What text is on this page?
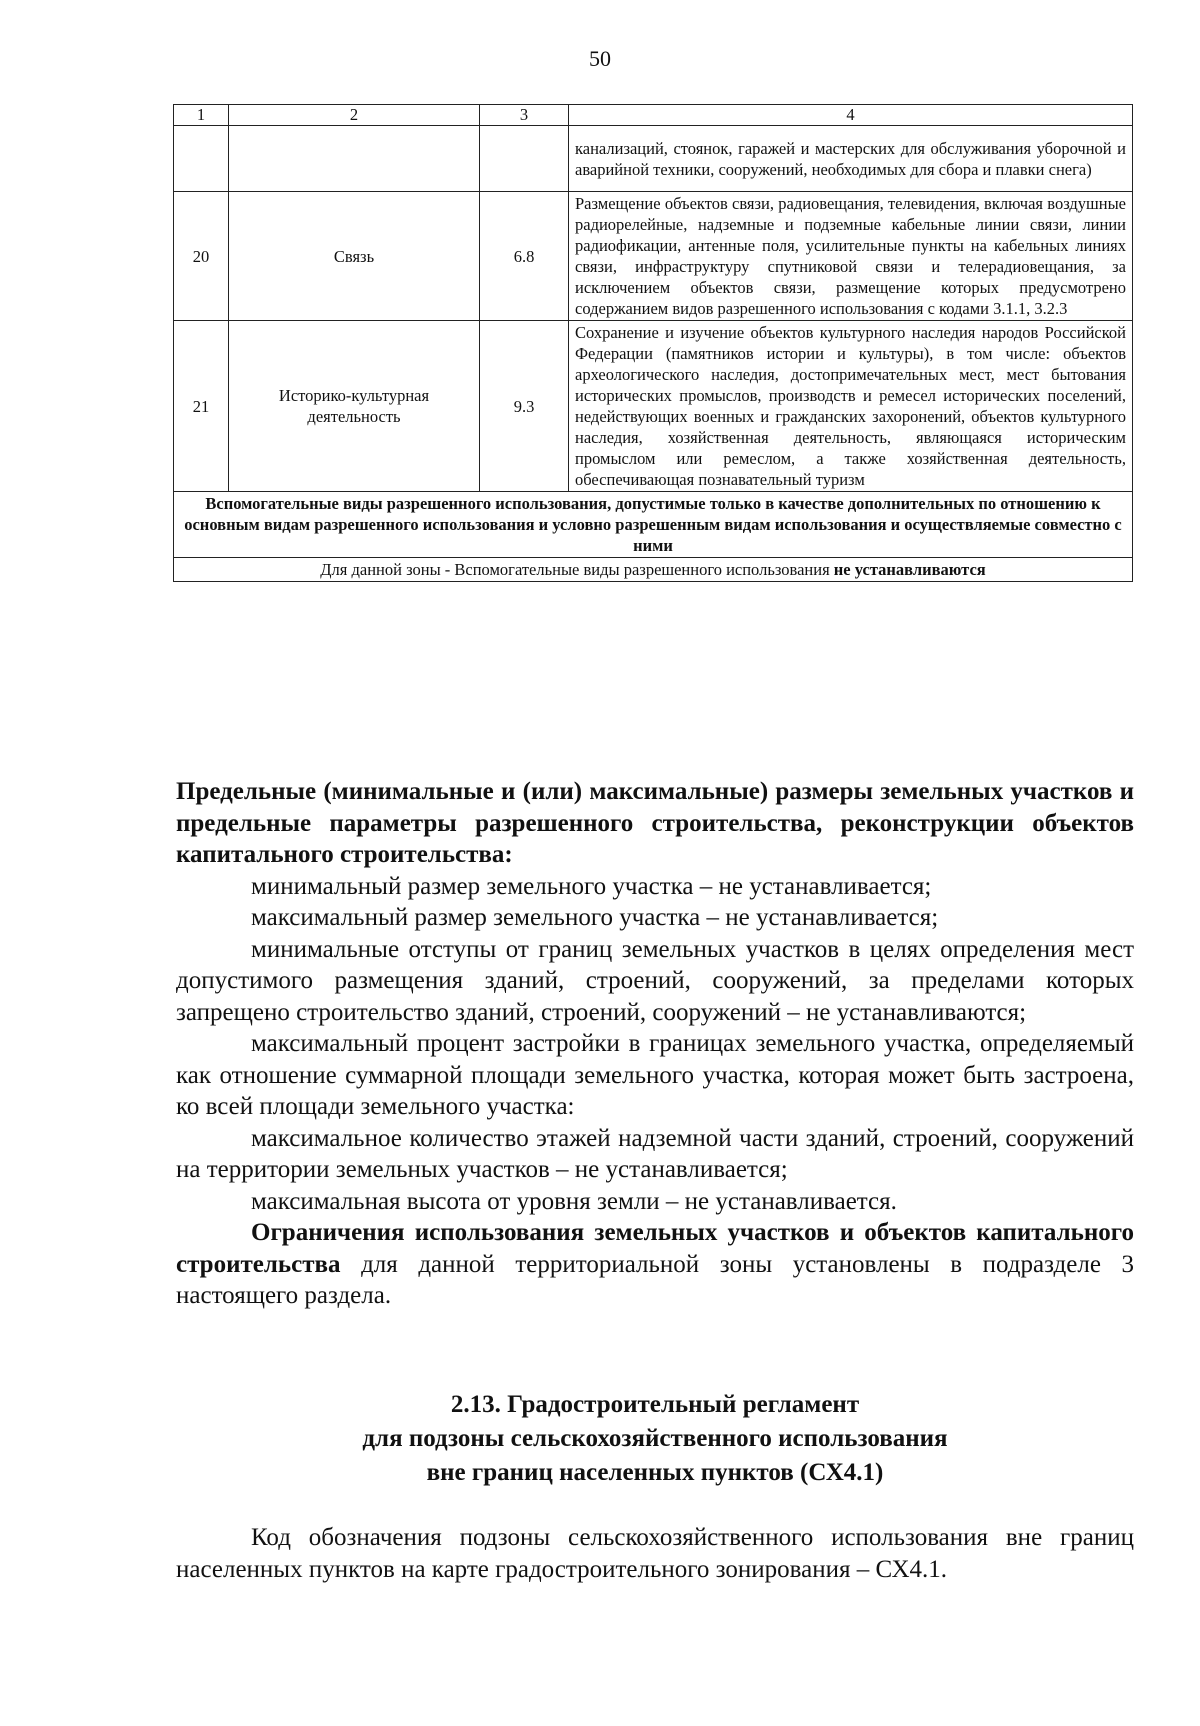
50
1	2	3	4
			канализаций, стоянок, гаражей и мастерских для обслуживания уборочной и аварийной техники, сооружений, необходимых для сбора и плавки снега)
20	Связь	6.8	Размещение объектов связи, радиовещания, телевидения, включая воздушные радиорелейные, надземные и подземные кабельные линии связи, линии радиофикации, антенные поля, усилительные пункты на кабельных линиях связи, инфраструктуру спутниковой связи и телерадиовещания, за исключением объектов связи, размещение которых предусмотрено содержанием видов разрешенного использования с кодами 3.1.1, 3.2.3
21	Историко-культурная деятельность	9.3	Сохранение и изучение объектов культурного наследия народов Российской Федерации (памятников истории и культуры), в том числе: объектов археологического наследия, достопримечательных мест, мест бытования исторических промыслов, производств и ремесел исторических поселений, недействующих военных и гражданских захоронений, объектов культурного наследия, хозяйственная деятельность, являющаяся историческим промыслом или ремеслом, а также хозяйственная деятельность, обеспечивающая познавательный туризм
Вспомогательные виды разрешенного использования, допустимые только в качестве дополнительных по отношению к основным видам разрешенного использования и условно разрешенным видам использования и осуществляемые совместно с ними			
Для данной зоны - Вспомогательные виды разрешенного использования не устанавливаются			

Предельные (минимальные и (или) максимальные) размеры земельных участков и предельные параметры разрешенного строительства, реконструкции объектов капитального строительства:

минимальный размер земельного участка – не устанавливается;

максимальный размер земельного участка – не устанавливается;

минимальные отступы от границ земельных участков в целях определения мест допустимого размещения зданий, строений, сооружений, за пределами которых запрещено строительство зданий, строений, сооружений – не устанавливаются;

максимальный процент застройки в границах земельного участка, определяемый как отношение суммарной площади земельного участка, которая может быть застроена, ко всей площади земельного участка:

максимальное количество этажей надземной части зданий, строений, сооружений на территории земельных участков – не устанавливается;

максимальная высота от уровня земли – не устанавливается.

Ограничения использования земельных участков и объектов капитального строительства для данной территориальной зоны установлены в подразделе 3 настоящего раздела.

2.13. Градостроительный регламент
для подзоны сельскохозяйственного использования
вне границ населенных пунктов (СХ4.1)

Код обозначения подзоны сельскохозяйственного использования вне границ населенных пунктов на карте градостроительного зонирования – СХ4.1.
